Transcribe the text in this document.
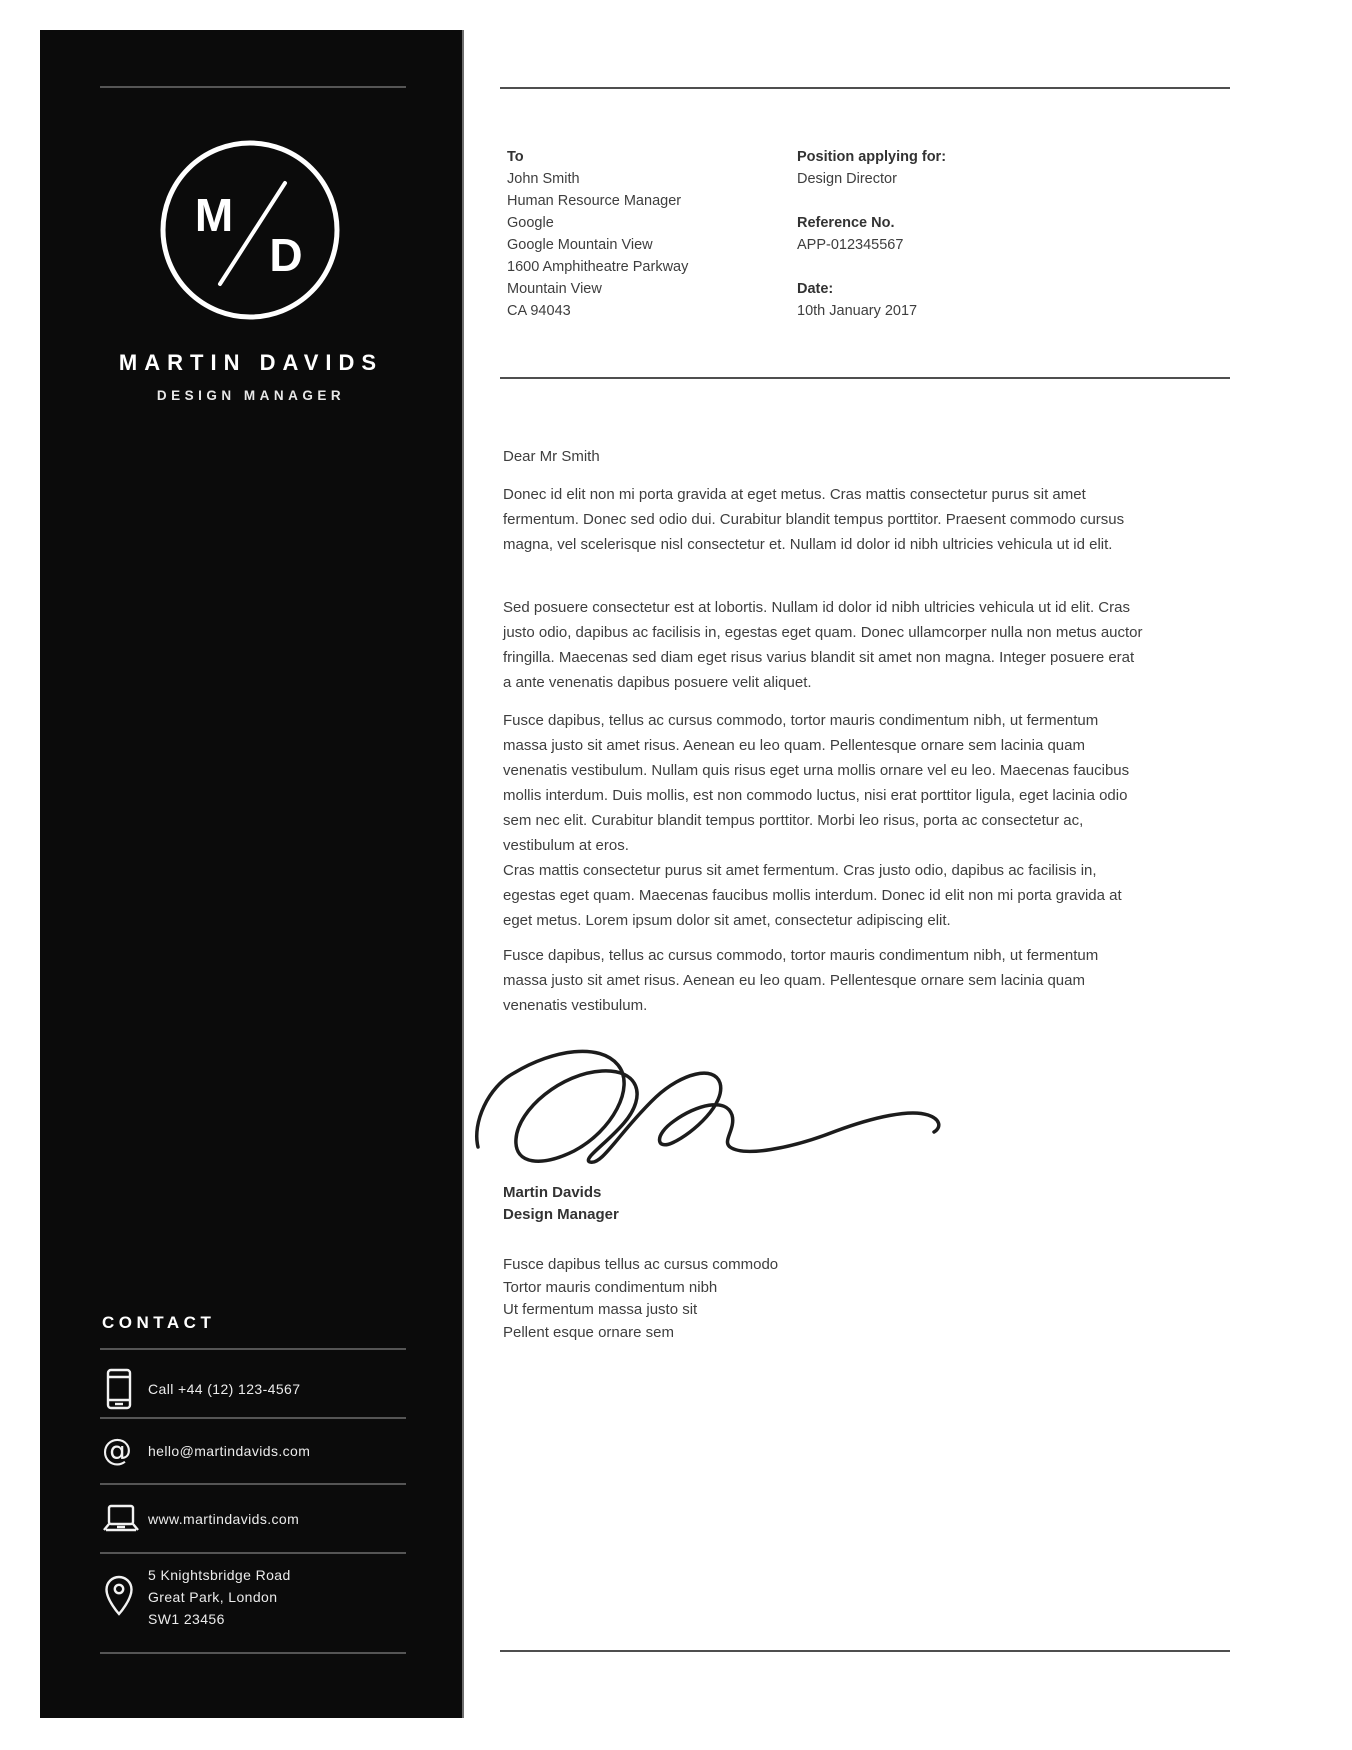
M
D
MARTIN DAVIDS
DESIGN MANAGER
CONTACT
Call +44 (12) 123-4567
@ hello@martindavids.com
www.martindavids.com
5 Knightsbridge Road
Great Park, London
SW1 23456
To
John Smith
Human Resource Manager
Google
Google Mountain View
1600 Amphitheatre Parkway
Mountain View
CA 94043
Position applying for:
Design Director
Reference No.
APP-012345567
Date:
10th January 2017
Dear Mr Smith

Donec id elit non mi porta gravida at eget metus. Cras mattis consectetur purus sit amet fermentum. Donec sed odio dui. Curabitur blandit tempus porttitor. Praesent commodo cursus magna, vel scelerisque nisl consectetur et. Nullam id dolor id nibh ultricies vehicula ut id elit.

Sed posuere consectetur est at lobortis. Nullam id dolor id nibh ultricies vehicula ut id elit. Cras justo odio, dapibus ac facilisis in, egestas eget quam. Donec ullamcorper nulla non metus auctor fringilla. Maecenas sed diam eget risus varius blandit sit amet non magna. Integer posuere erat a ante venenatis dapibus posuere velit aliquet.

Fusce dapibus, tellus ac cursus commodo, tortor mauris condimentum nibh, ut fermentum massa justo sit amet risus. Aenean eu leo quam. Pellentesque ornare sem lacinia quam venenatis vestibulum. Nullam quis risus eget urna mollis ornare vel eu leo. Maecenas faucibus mollis interdum. Duis mollis, est non commodo luctus, nisi erat porttitor ligula, eget lacinia odio sem nec elit. Curabitur blandit tempus porttitor. Morbi leo risus, porta ac consectetur ac, vestibulum at eros.

Cras mattis consectetur purus sit amet fermentum. Cras justo odio, dapibus ac facilisis in, egestas eget quam. Maecenas faucibus mollis interdum. Donec id elit non mi porta gravida at eget metus. Lorem ipsum dolor sit amet, consectetur adipiscing elit.

Fusce dapibus, tellus ac cursus commodo, tortor mauris condimentum nibh, ut fermentum massa justo sit amet risus. Aenean eu leo quam. Pellentesque ornare sem lacinia quam venenatis vestibulum.

Martin Davids
Design Manager
Fusce dapibus tellus ac cursus commodo
Tortor mauris condimentum nibh
Ut fermentum massa justo sit
Pellent esque ornare sem
